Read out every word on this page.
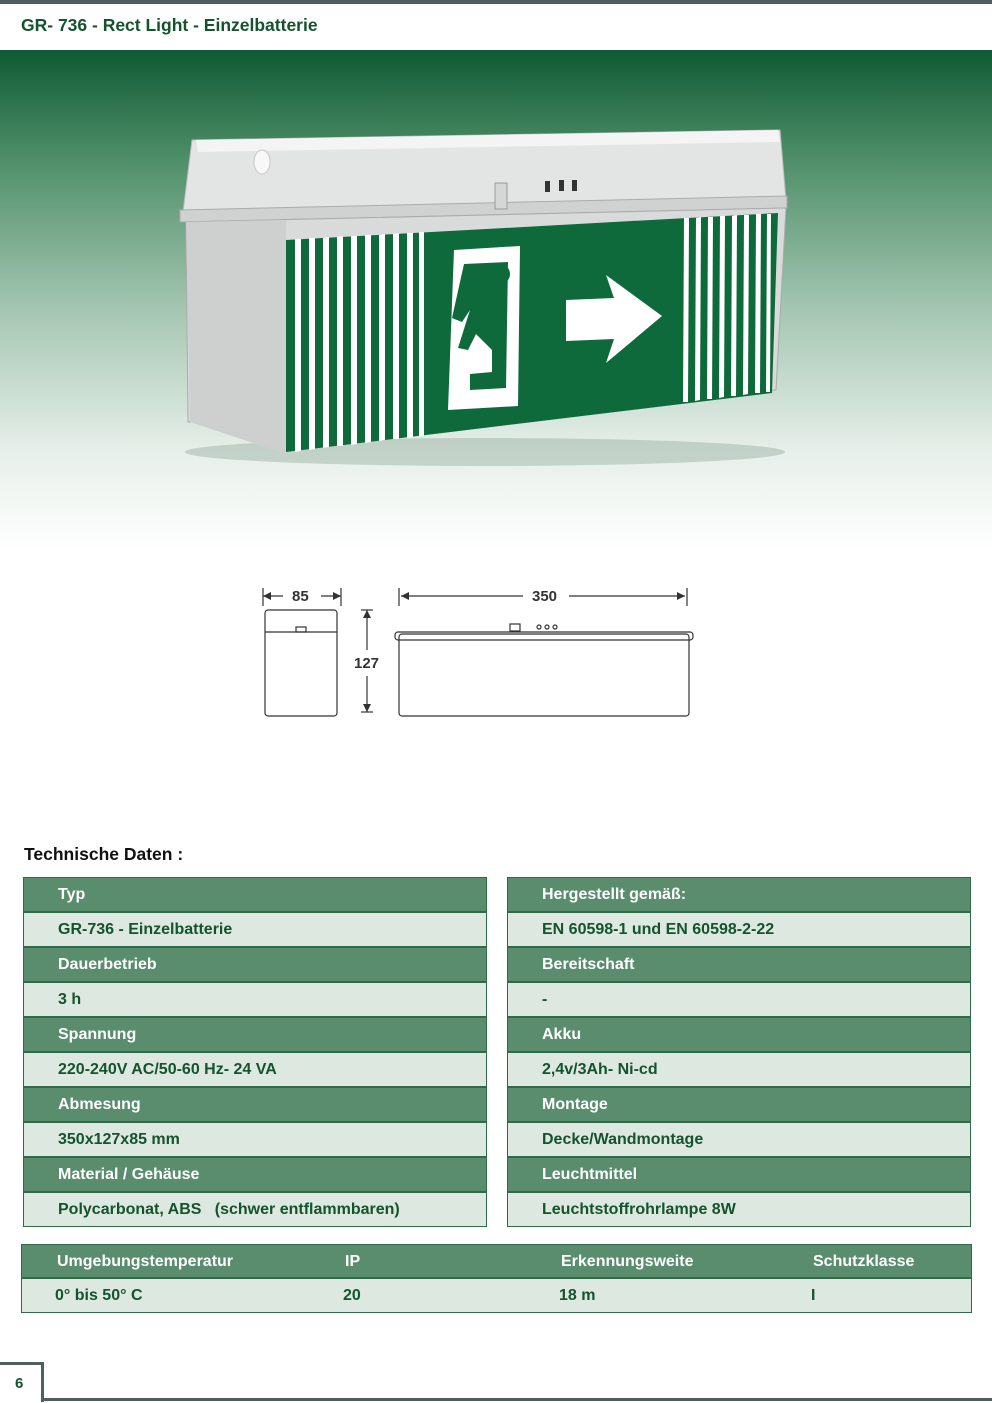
GR- 736 - Rect Light - Einzelbatterie
85
127
350
Technische Daten :
Typ
GR-736 - Einzelbatterie
Dauerbetrieb
3 h
Spannung
220-240V AC/50-60 Hz- 24 VA
Abmesung
350x127x85 mm
Material / Gehäuse
Polycarbonat, ABS   (schwer entflammbaren)
Hergestellt gemäß:
EN 60598-1 und EN 60598-2-22
Bereitschaft
-
Akku
2,4v/3Ah- Ni-cd
Montage
Decke/Wandmontage
Leuchtmittel
Leuchtstoffrohrlampe 8W
Umgebungstemperatur	IP	Erkennungsweite	Schutzklasse
0° bis 50° C	20	18 m	I
6
